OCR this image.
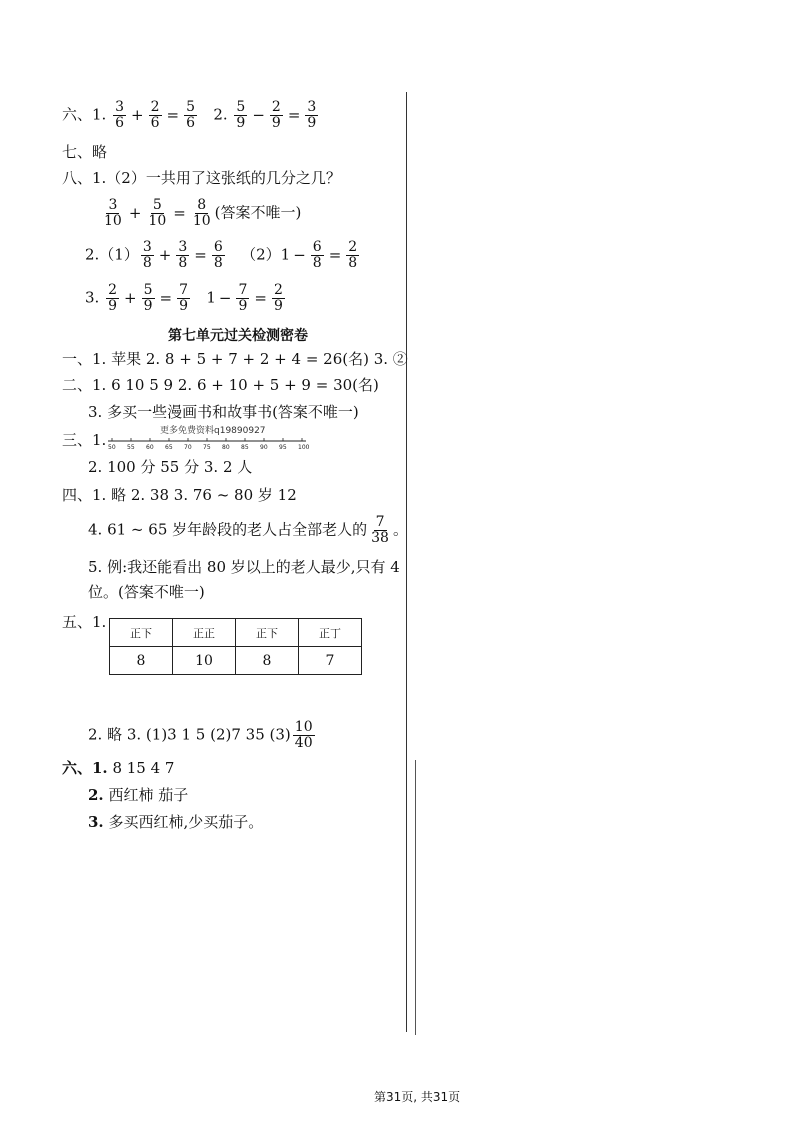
六、1. $\frac{3}{6} + \frac{2}{6} = \frac{5}{6} 2$. $\frac{5}{9} - \frac{2}{9} = \frac{3}{9}$
七、略
八、1.（2）一共用了这张纸的几分之几？
$\frac{3}{10} + \frac{5}{10} = \frac{8}{10}$ (答案不唯一)
$2.(1) \frac{3}{8} + \frac{3}{8} = \frac{6}{8} (2)1 - \frac{6}{8} = \frac{2}{8}$
3. $\frac{2}{9} + \frac{5}{9} = \frac{7}{9} 1 - \frac{7}{9} = \frac{2}{9}$
第七单元过关检测密卷
一、1. 苹果 2. 8 + 5 + 7 + 2 + 4 = 26(名) 3. ②
二、1. 6 10 5 9 2. 6 + 10 + 5 + 9 = 30(名)
3. 多买一些漫画书和故事书(答案不唯一)
三、1.	更多免费资料q19890927
50 55 60 65 70 75 80 85 90 95 100
2. 100 分 55 分 3. 2 人
四、1. 略 2. 38 3. 76 ~ 80 岁 12
4. 61 ~ 65 岁年龄段的老人占全部老人的 $\frac{7}{38}$ 。
5. 例:我还能看出 80 岁以上的老人最少,只有 4
位。(答案不唯一)
五、1.
正下	正正	正下	正丁
8	10	8	7
2. 略 3. (1)3 1 5 (2)7 35 $(3) \frac{10}{40}$
六、1. 8 15 4 7
2. 西红柿 茄子
3. 多买西红柿,少买茄子。
第31页, 共31页
